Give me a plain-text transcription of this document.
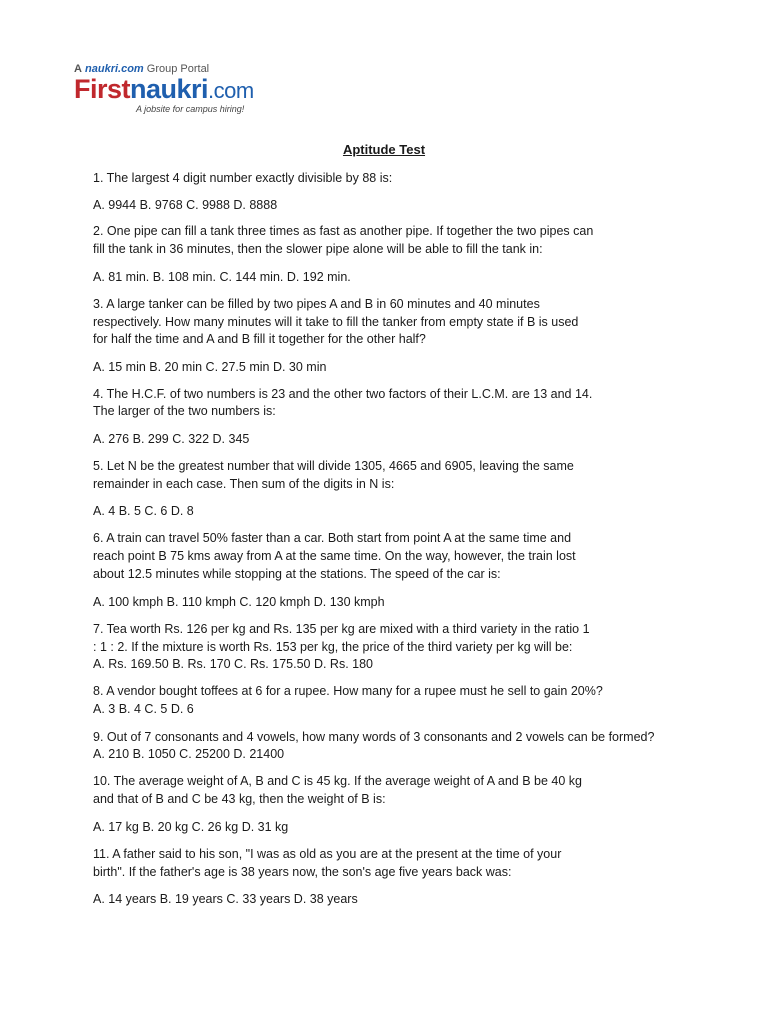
A naukri.com Group Portal
Firstnaukri.com
A jobsite for campus hiring!
Aptitude Test
1. The largest 4 digit number exactly divisible by 88 is:
A. 9944 B. 9768 C. 9988 D. 8888
2. One pipe can fill a tank three times as fast as another pipe. If together the two pipes can
fill the tank in 36 minutes, then the slower pipe alone will be able to fill the tank in:
A. 81 min. B. 108 min. C. 144 min. D. 192 min.
3. A large tanker can be filled by two pipes A and B in 60 minutes and 40 minutes
respectively. How many minutes will it take to fill the tanker from empty state if B is used
for half the time and A and B fill it together for the other half?
A. 15 min B. 20 min C. 27.5 min D. 30 min
4. The H.C.F. of two numbers is 23 and the other two factors of their L.C.M. are 13 and 14.
The larger of the two numbers is:
A. 276 B. 299 C. 322 D. 345
5. Let N be the greatest number that will divide 1305, 4665 and 6905, leaving the same
remainder in each case. Then sum of the digits in N is:
A. 4 B. 5 C. 6 D. 8
6. A train can travel 50% faster than a car. Both start from point A at the same time and
reach point B 75 kms away from A at the same time. On the way, however, the train lost
about 12.5 minutes while stopping at the stations. The speed of the car is:
A. 100 kmph B. 110 kmph C. 120 kmph D. 130 kmph
7. Tea worth Rs. 126 per kg and Rs. 135 per kg are mixed with a third variety in the ratio 1
: 1 : 2. If the mixture is worth Rs. 153 per kg, the price of the third variety per kg will be:
A. Rs. 169.50 B. Rs. 170 C. Rs. 175.50 D. Rs. 180
8. A vendor bought toffees at 6 for a rupee. How many for a rupee must he sell to gain 20%?
A. 3 B. 4 C. 5 D. 6
9. Out of 7 consonants and 4 vowels, how many words of 3 consonants and 2 vowels can be formed?
A. 210 B. 1050 C. 25200 D. 21400
10. The average weight of A, B and C is 45 kg. If the average weight of A and B be 40 kg
and that of B and C be 43 kg, then the weight of B is:
A. 17 kg B. 20 kg C. 26 kg D. 31 kg
11. A father said to his son, "I was as old as you are at the present at the time of your
birth". If the father's age is 38 years now, the son's age five years back was:
A. 14 years B. 19 years C. 33 years D. 38 years
